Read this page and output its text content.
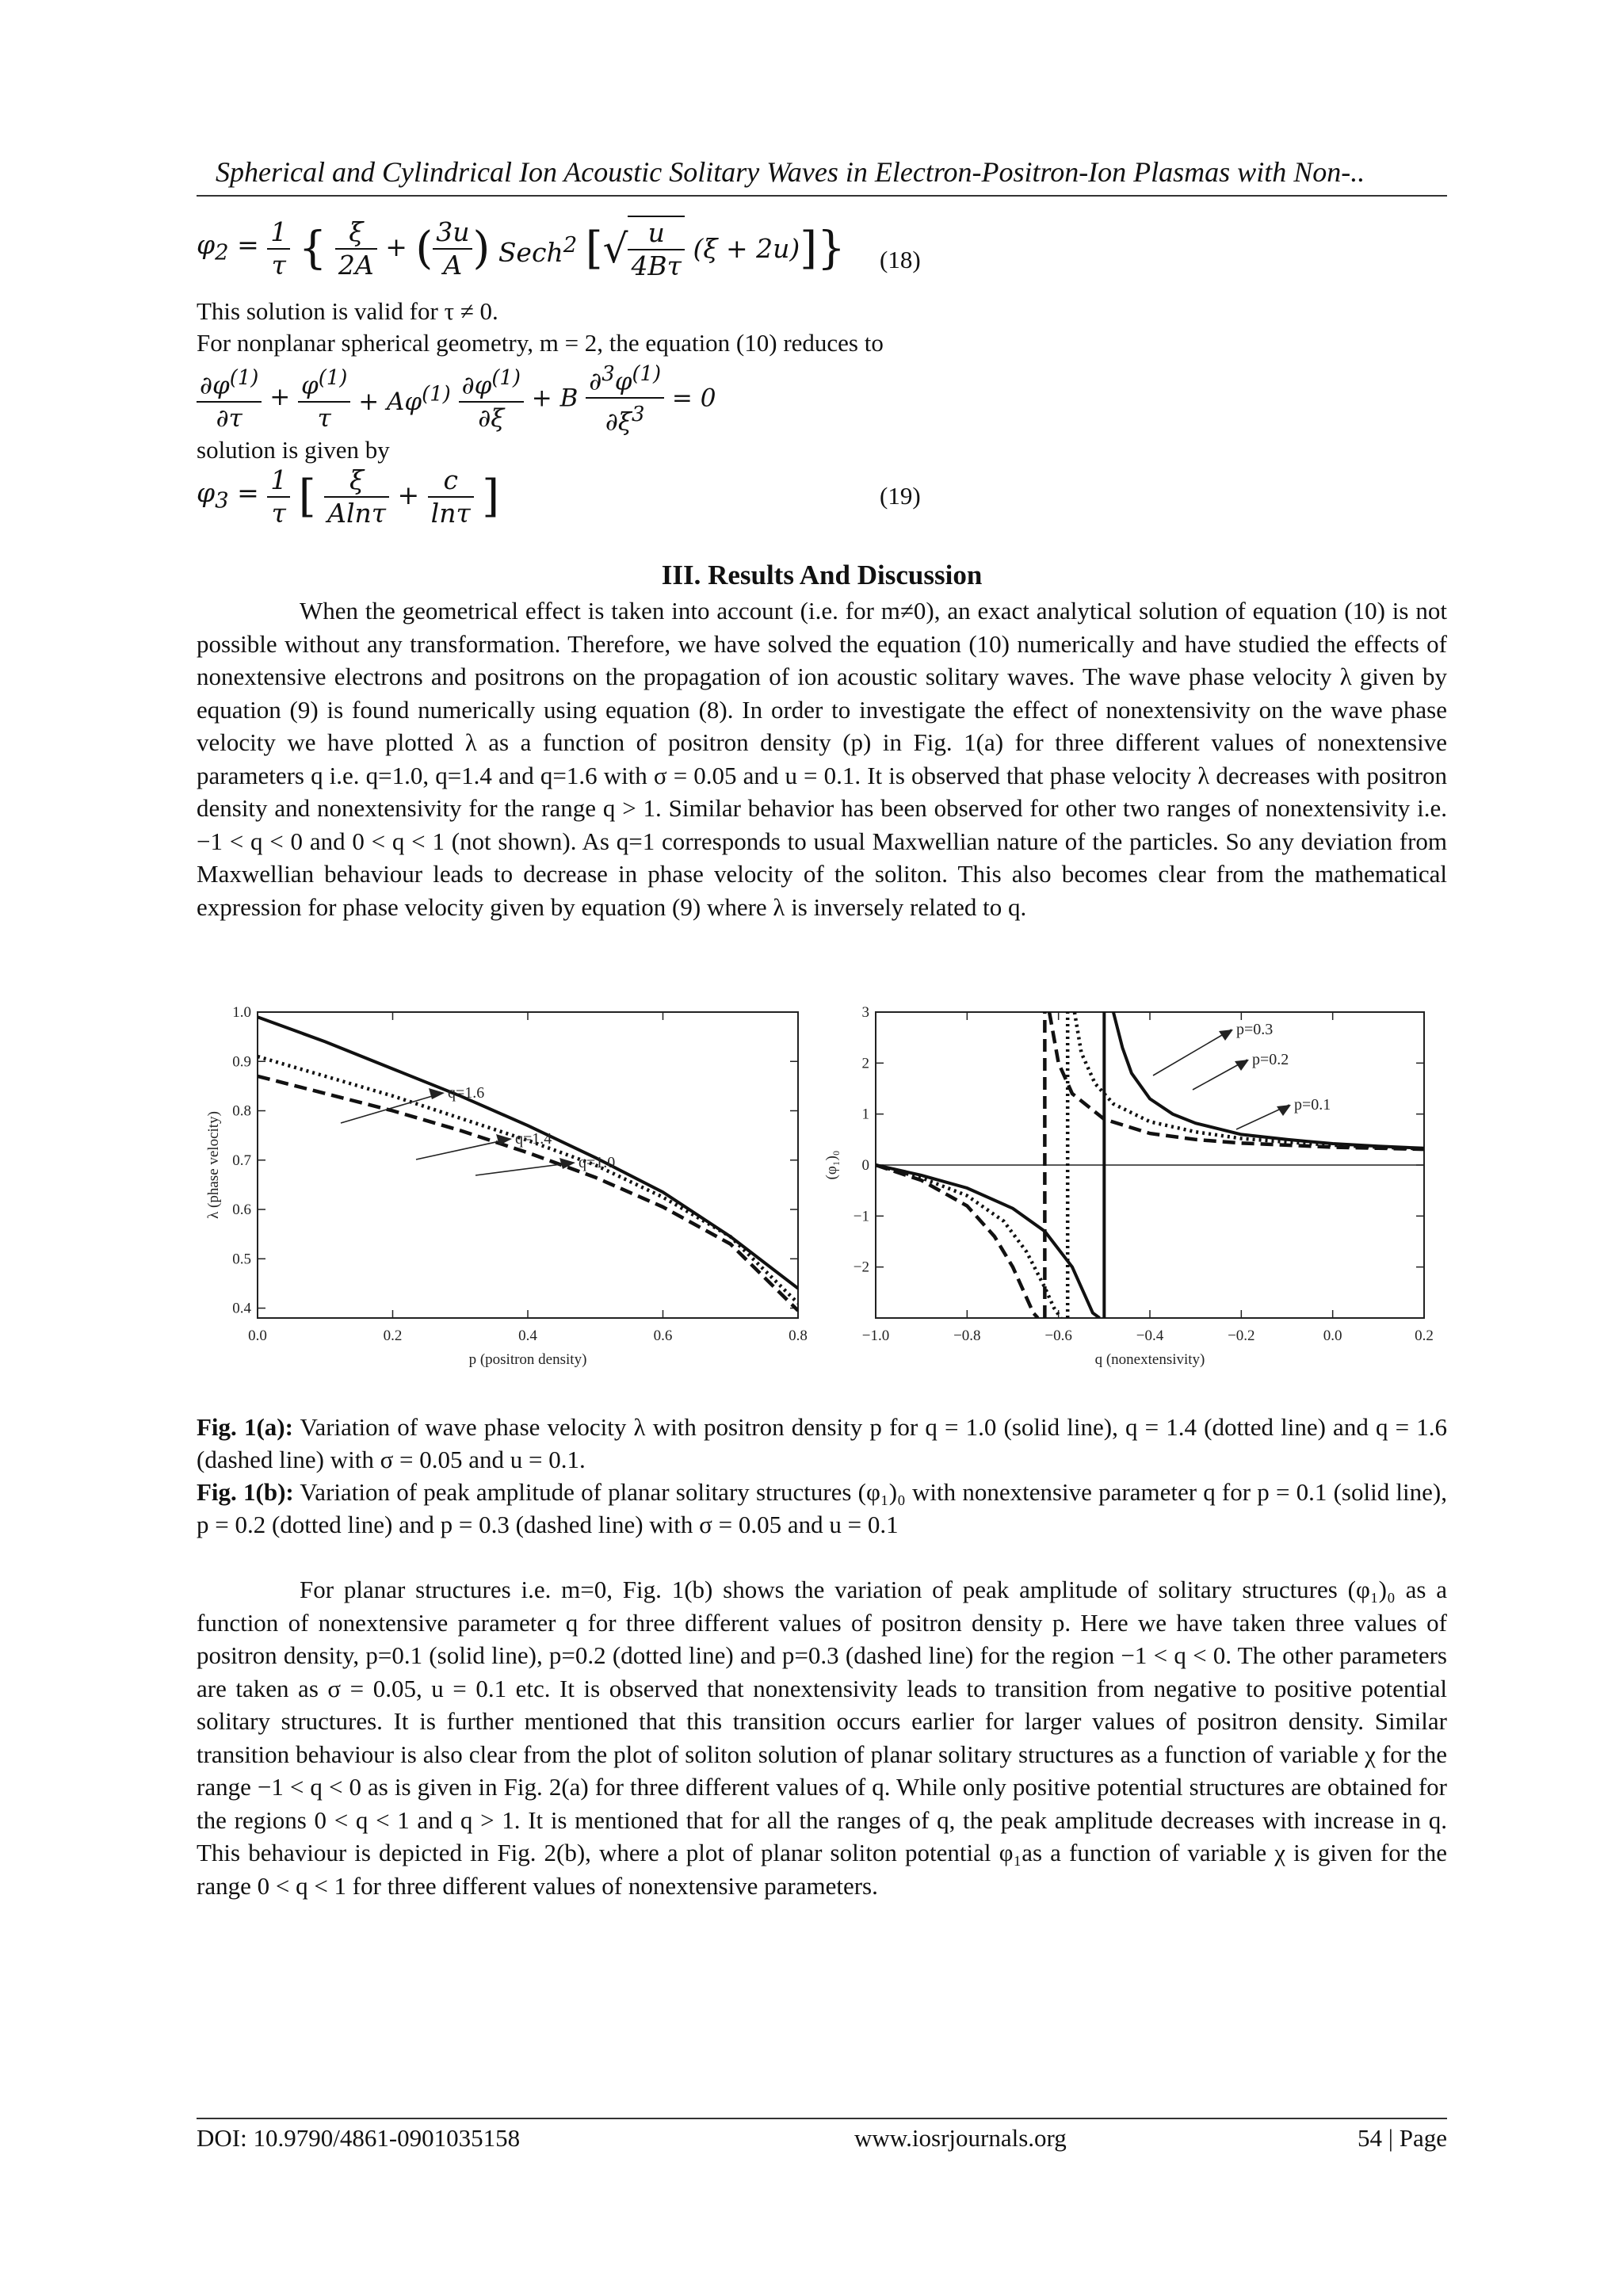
Spherical and Cylindrical Ion Acoustic Solitary Waves in Electron-Positron-Ion Plasmas with Non-..
$\varphi_2 = \frac{1}{\tau}$ { $\frac{\xi}{2A}$ + ( $\frac{3u}{A}$ ) Sech$^2$ [√ $\frac{u}{4B\tau} (\xi + 2u)$]} (18)
This solution is valid for τ ≠ 0.
For nonplanar spherical geometry, m = 2, the equation (10) reduces to
$\frac{\partial\varphi^{(1)}}{\partial\tau} + \frac{\varphi^{(1)}}{\tau} + A\varphi^{(1)} \frac{\partial\varphi^{(1)}}{\partial\xi} + B \frac{\partial^3\varphi^{(1)}}{\partial\xi^3} = 0$
solution is given by
$\varphi_3 = \frac{1}{\tau}$ [ $\frac{\xi}{Aln\tau} + \frac{c}{\ln\tau}$ ]	(19)
III. Results And Discussion
When the geometrical effect is taken into account (i.e. for m≠0), an exact analytical solution of equation (10) is not possible without any transformation. Therefore, we have solved the equation (10) numerically and have studied the effects of nonextensive electrons and positrons on the propagation of ion acoustic solitary waves. The wave phase velocity λ given by equation (9) is found numerically using equation (8). In order to investigate the effect of nonextensivity on the wave phase velocity we have plotted λ as a function of positron density (p) in Fig. 1(a) for three different values of nonextensive parameters q i.e. q=1.0, q=1.4 and q=1.6 with σ = 0.05 and u = 0.1. It is observed that phase velocity λ decreases with positron density and nonextensivity for the range q > 1. Similar behavior has been observed for other two ranges of nonextensivity i.e. −1 < q < 0 and 0 < q < 1 (not shown). As q=1 corresponds to usual Maxwellian nature of the particles. So any deviation from Maxwellian behaviour leads to decrease in phase velocity of the soliton. This also becomes clear from the mathematical expression for phase velocity given by equation (9) where λ is inversely related to q.
0.0	0.2	0.4	0.6	0.8
0.4
0.5
0.6
0.7
0.8
0.9
1.0
p (positron density)
λ (phase velocity)
q=1.6
q=1.4
q=1.0
−1.0	−0.8	−0.6	−0.4	−0.2	0.0	0.2
3
2
1
0
−1
−2
q (nonextensivity)
(φ₁)₀
p=0.3
p=0.2
p=0.1
Fig. 1(a): Variation of wave phase velocity λ with positron density p for q = 1.0 (solid line), q = 1.4 (dotted line) and q = 1.6 (dashed line) with σ = 0.05 and u = 0.1.
Fig. 1(b): Variation of peak amplitude of planar solitary structures (φ₁)₀ with nonextensive parameter q for p = 0.1 (solid line), p = 0.2 (dotted line) and p = 0.3 (dashed line) with σ = 0.05 and u = 0.1
For planar structures i.e. m=0, Fig. 1(b) shows the variation of peak amplitude of solitary structures (φ₁)₀ as a function of nonextensive parameter q for three different values of positron density p. Here we have taken three values of positron density, p=0.1 (solid line), p=0.2 (dotted line) and p=0.3 (dashed line) for the region −1 < q < 0. The other parameters are taken as σ = 0.05, u = 0.1 etc. It is observed that nonextensivity leads to transition from negative to positive potential solitary structures. It is further mentioned that this transition occurs earlier for larger values of positron density. Similar transition behaviour is also clear from the plot of soliton solution of planar solitary structures as a function of variable χ for the range −1 < q < 0 as is given in Fig. 2(a) for three different values of q. While only positive potential structures are obtained for the regions 0 < q < 1 and q > 1. It is mentioned that for all the ranges of q, the peak amplitude decreases with increase in q. This behaviour is depicted in Fig. 2(b), where a plot of planar soliton potential φ₁as a function of variable χ is given for the range 0 < q < 1 for three different values of nonextensive parameters.
DOI: 10.9790/4861-0901035158	www.iosrjournals.org	54 | Page
